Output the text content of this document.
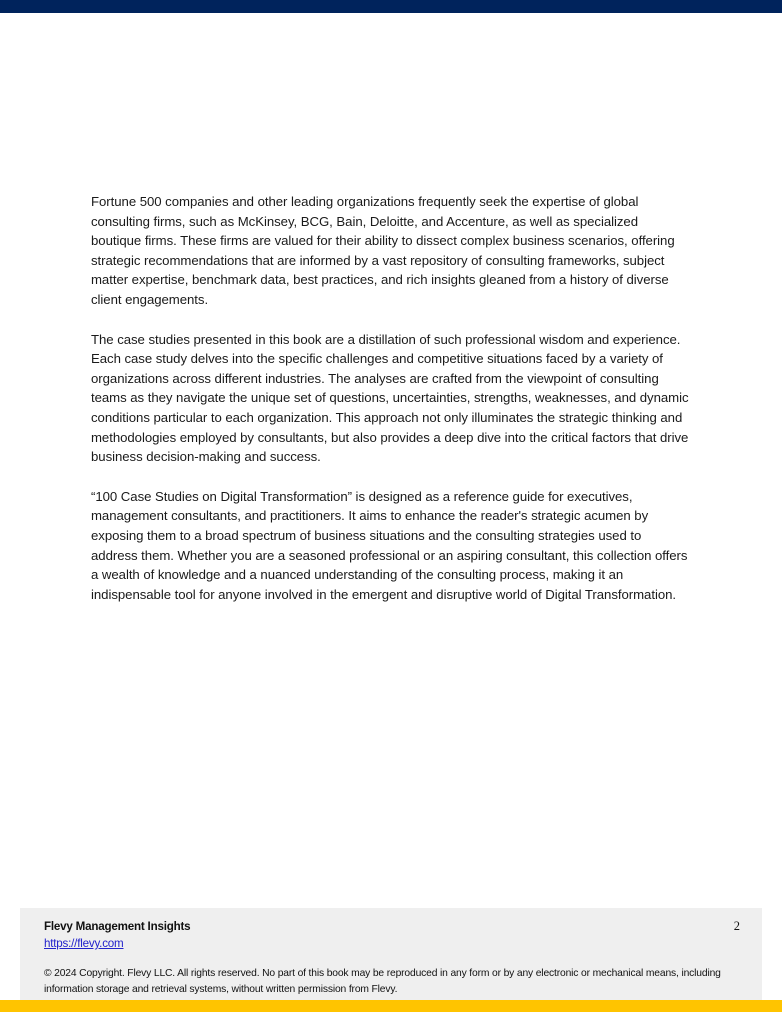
Fortune 500 companies and other leading organizations frequently seek the expertise of global consulting firms, such as McKinsey, BCG, Bain, Deloitte, and Accenture, as well as specialized boutique firms. These firms are valued for their ability to dissect complex business scenarios, offering strategic recommendations that are informed by a vast repository of consulting frameworks, subject matter expertise, benchmark data, best practices, and rich insights gleaned from a history of diverse client engagements.

The case studies presented in this book are a distillation of such professional wisdom and experience. Each case study delves into the specific challenges and competitive situations faced by a variety of organizations across different industries. The analyses are crafted from the viewpoint of consulting teams as they navigate the unique set of questions, uncertainties, strengths, weaknesses, and dynamic conditions particular to each organization. This approach not only illuminates the strategic thinking and methodologies employed by consultants, but also provides a deep dive into the critical factors that drive business decision-making and success.

“100 Case Studies on Digital Transformation” is designed as a reference guide for executives, management consultants, and practitioners. It aims to enhance the reader's strategic acumen by exposing them to a broad spectrum of business situations and the consulting strategies used to address them. Whether you are a seasoned professional or an aspiring consultant, this collection offers a wealth of knowledge and a nuanced understanding of the consulting process, making it an indispensable tool for anyone involved in the emergent and disruptive world of Digital Transformation.

Flevy Management Insights
https://flevy.com
2
© 2024 Copyright. Flevy LLC. All rights reserved. No part of this book may be reproduced in any form or by any electronic or mechanical means, including information storage and retrieval systems, without written permission from Flevy.
